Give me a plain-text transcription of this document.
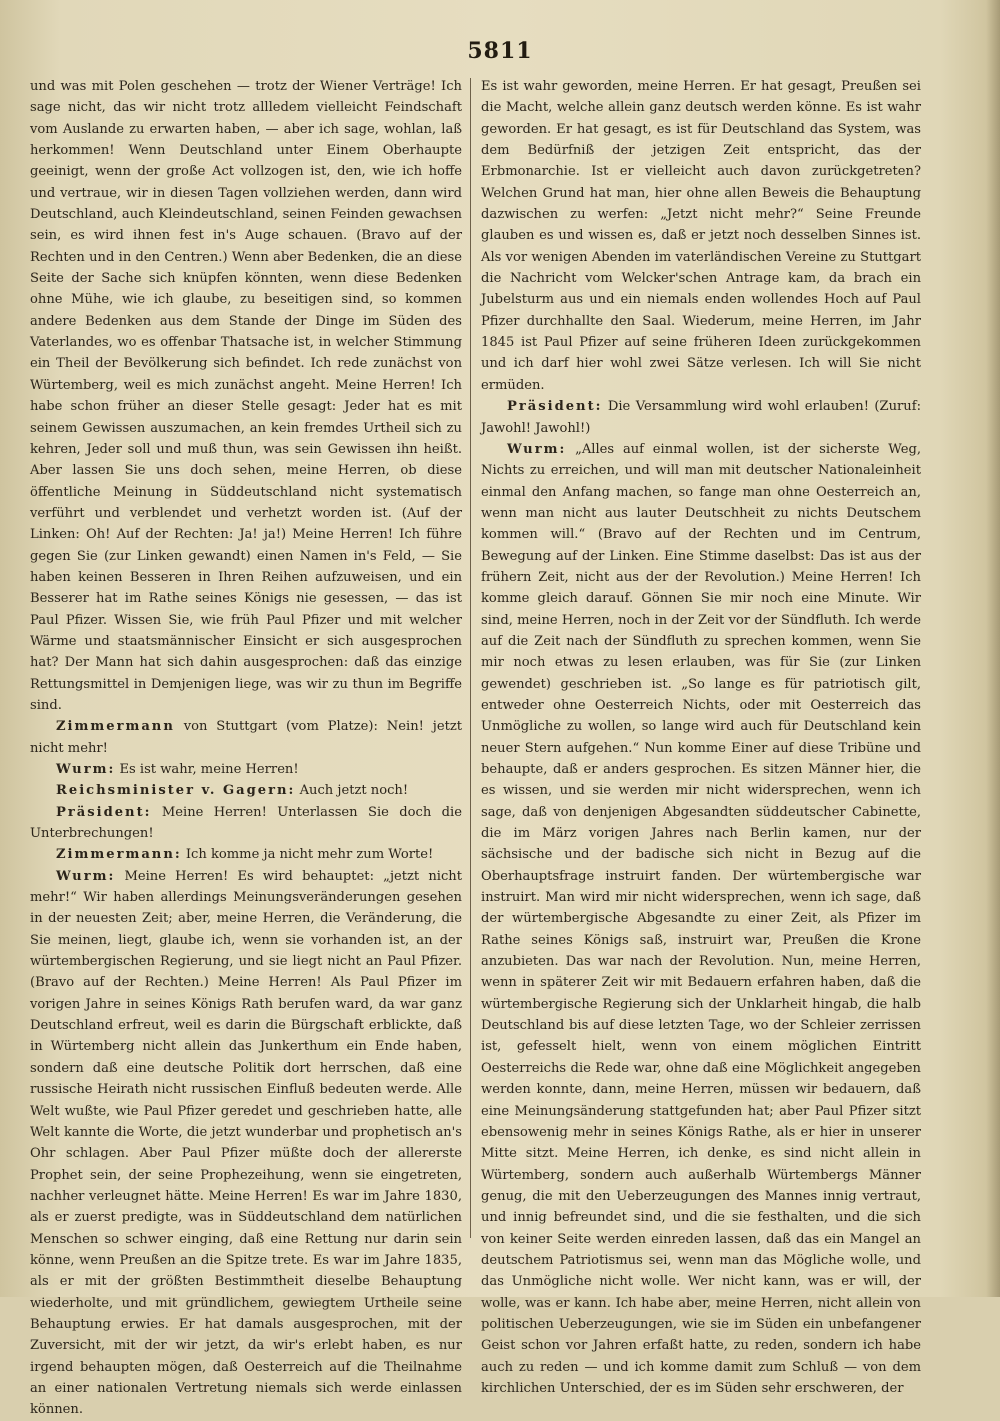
5811

und was mit Polen geschehen — trotz der Wiener Verträge! Ich sage nicht, das wir nicht trotz allledem vielleicht Feindschaft vom Auslande zu erwarten haben, — aber ich sage, wohlan, laß herkommen! Wenn Deutschland unter Einem Oberhaupte geeinigt, wenn der große Act vollzogen ist, den, wie ich hoffe und vertraue, wir in diesen Tagen vollziehen werden, dann wird Deutschland, auch Kleindeutschland, seinen Feinden gewachsen sein, es wird ihnen fest in's Auge schauen. (Bravo auf der Rechten und in den Centren.) Wenn aber Bedenken, die an diese Seite der Sache sich knüpfen könnten, wenn diese Bedenken ohne Mühe, wie ich glaube, zu beseitigen sind, so kommen andere Bedenken aus dem Stande der Dinge im Süden des Vaterlandes, wo es offenbar Thatsache ist, in welcher Stimmung ein Theil der Bevölkerung sich befindet. Ich rede zunächst von Würtemberg, weil es mich zunächst angeht. Meine Herren! Ich habe schon früher an dieser Stelle gesagt: Jeder hat es mit seinem Gewissen auszumachen, an kein fremdes Urtheil sich zu kehren, Jeder soll und muß thun, was sein Gewissen ihn heißt. Aber lassen Sie uns doch sehen, meine Herren, ob diese öffentliche Meinung in Süddeutschland nicht systematisch verführt und verblendet und verhetzt worden ist. (Auf der Linken: Oh! Auf der Rechten: Ja! ja!) Meine Herren! Ich führe gegen Sie (zur Linken gewandt) einen Namen in's Feld, — Sie haben keinen Besseren in Ihren Reihen aufzuweisen, und ein Besserer hat im Rathe seines Königs nie gesessen, — das ist Paul Pfizer. Wissen Sie, wie früh Paul Pfizer und mit welcher Wärme und staatsmännischer Einsicht er sich ausgesprochen hat? Der Mann hat sich dahin ausgesprochen: daß das einzige Rettungsmittel in Demjenigen liege, was wir zu thun im Begriffe sind.

Zimmermann von Stuttgart (vom Platze): Nein! jetzt nicht mehr!

Wurm: Es ist wahr, meine Herren!

Reichsminister v. Gagern: Auch jetzt noch!

Präsident: Meine Herren! Unterlassen Sie doch die Unterbrechungen!

Zimmermann: Ich komme ja nicht mehr zum Worte!

Wurm: Meine Herren! Es wird behauptet: „jetzt nicht mehr!“ Wir haben allerdings Meinungsveränderungen gesehen in der neuesten Zeit; aber, meine Herren, die Veränderung, die Sie meinen, liegt, glaube ich, wenn sie vorhanden ist, an der würtembergischen Regierung, und sie liegt nicht an Paul Pfizer. (Bravo auf der Rechten.) Meine Herren! Als Paul Pfizer im vorigen Jahre in seines Königs Rath berufen ward, da war ganz Deutschland erfreut, weil es darin die Bürgschaft erblickte, daß in Würtemberg nicht allein das Junkerthum ein Ende haben, sondern daß eine deutsche Politik dort herrschen, daß eine russische Heirath nicht russischen Einfluß bedeuten werde. Alle Welt wußte, wie Paul Pfizer geredet und geschrieben hatte, alle Welt kannte die Worte, die jetzt wunderbar und prophetisch an's Ohr schlagen. Aber Paul Pfizer müßte doch der allererste Prophet sein, der seine Prophezeihung, wenn sie eingetreten, nachher verleugnet hätte. Meine Herren! Es war im Jahre 1830, als er zuerst predigte, was in Süddeutschland dem natürlichen Menschen so schwer einging, daß eine Rettung nur darin sein könne, wenn Preußen an die Spitze trete. Es war im Jahre 1835, als er mit der größten Bestimmtheit dieselbe Behauptung wiederholte, und mit gründlichem, gewiegtem Urtheile seine Behauptung erwies. Er hat damals ausgesprochen, mit der Zuversicht, mit der wir jetzt, da wir's erlebt haben, es nur irgend behaupten mögen, daß Oesterreich auf die Theilnahme an einer nationalen Vertretung niemals sich werde einlassen können.

Es ist wahr geworden, meine Herren. Er hat gesagt, Preußen sei die Macht, welche allein ganz deutsch werden könne. Es ist wahr geworden. Er hat gesagt, es ist für Deutschland das System, was dem Bedürfniß der jetzigen Zeit entspricht, das der Erbmonarchie. Ist er vielleicht auch davon zurückgetreten? Welchen Grund hat man, hier ohne allen Beweis die Behauptung dazwischen zu werfen: „Jetzt nicht mehr?“ Seine Freunde glauben es und wissen es, daß er jetzt noch desselben Sinnes ist. Als vor wenigen Abenden im vaterländischen Vereine zu Stuttgart die Nachricht vom Welcker'schen Antrage kam, da brach ein Jubelsturm aus und ein niemals enden wollendes Hoch auf Paul Pfizer durchhallte den Saal. Wiederum, meine Herren, im Jahr 1845 ist Paul Pfizer auf seine früheren Ideen zurückgekommen und ich darf hier wohl zwei Sätze verlesen. Ich will Sie nicht ermüden.

Präsident: Die Versammlung wird wohl erlauben! (Zuruf: Jawohl! Jawohl!)

Wurm: „Alles auf einmal wollen, ist der sicherste Weg, Nichts zu erreichen, und will man mit deutscher Nationaleinheit einmal den Anfang machen, so fange man ohne Oesterreich an, wenn man nicht aus lauter Deutschheit zu nichts Deutschem kommen will.“ (Bravo auf der Rechten und im Centrum, Bewegung auf der Linken. Eine Stimme daselbst: Das ist aus der frühern Zeit, nicht aus der der Revolution.) Meine Herren! Ich komme gleich darauf. Gönnen Sie mir noch eine Minute. Wir sind, meine Herren, noch in der Zeit vor der Sündfluth. Ich werde auf die Zeit nach der Sündfluth zu sprechen kommen, wenn Sie mir noch etwas zu lesen erlauben, was für Sie (zur Linken gewendet) geschrieben ist. „So lange es für patriotisch gilt, entweder ohne Oesterreich Nichts, oder mit Oesterreich das Unmögliche zu wollen, so lange wird auch für Deutschland kein neuer Stern aufgehen.“ Nun komme Einer auf diese Tribüne und behaupte, daß er anders gesprochen. Es sitzen Männer hier, die es wissen, und sie werden mir nicht widersprechen, wenn ich sage, daß von denjenigen Abgesandten süddeutscher Cabinette, die im März vorigen Jahres nach Berlin kamen, nur der sächsische und der badische sich nicht in Bezug auf die Oberhauptsfrage instruirt fanden. Der würtembergische war instruirt. Man wird mir nicht widersprechen, wenn ich sage, daß der würtembergische Abgesandte zu einer Zeit, als Pfizer im Rathe seines Königs saß, instruirt war, Preußen die Krone anzubieten. Das war nach der Revolution. Nun, meine Herren, wenn in späterer Zeit wir mit Bedauern erfahren haben, daß die würtembergische Regierung sich der Unklarheit hingab, die halb Deutschland bis auf diese letzten Tage, wo der Schleier zerrissen ist, gefesselt hielt, wenn von einem möglichen Eintritt Oesterreichs die Rede war, ohne daß eine Möglichkeit angegeben werden konnte, dann, meine Herren, müssen wir bedauern, daß eine Meinungsänderung stattgefunden hat; aber Paul Pfizer sitzt ebensowenig mehr in seines Königs Rathe, als er hier in unserer Mitte sitzt. Meine Herren, ich denke, es sind nicht allein in Würtemberg, sondern auch außerhalb Würtembergs Männer genug, die mit den Ueberzeugungen des Mannes innig vertraut, und innig befreundet sind, und die sie festhalten, und die sich von keiner Seite werden einreden lassen, daß das ein Mangel an deutschem Patriotismus sei, wenn man das Mögliche wolle, und das Unmögliche nicht wolle. Wer nicht kann, was er will, der wolle, was er kann. Ich habe aber, meine Herren, nicht allein von politischen Ueberzeugungen, wie sie im Süden ein unbefangener Geist schon vor Jahren erfaßt hatte, zu reden, sondern ich habe auch zu reden — und ich komme damit zum Schluß — von dem kirchlichen Unterschied, der es im Süden sehr erschweren, der
